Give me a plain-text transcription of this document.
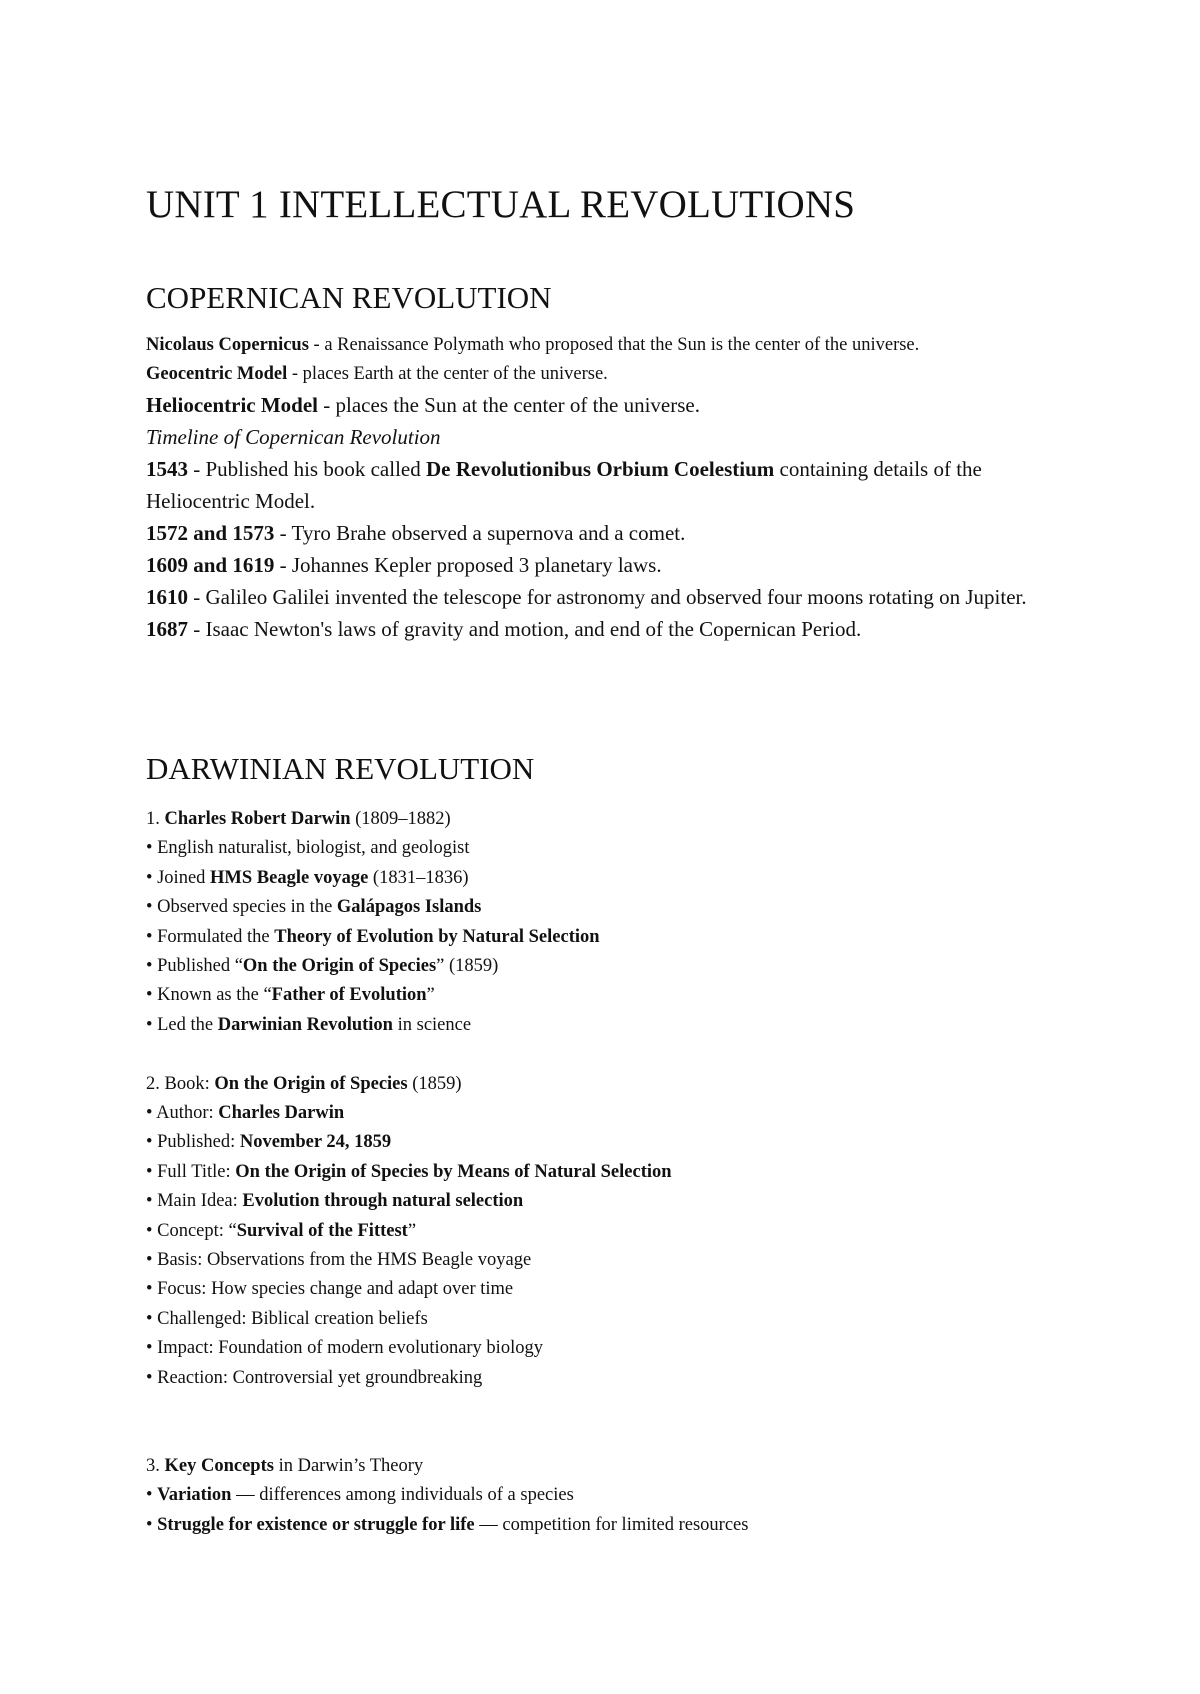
UNIT 1 INTELLECTUAL REVOLUTIONS
COPERNICAN REVOLUTION

Nicolaus Copernicus - a Renaissance Polymath who proposed that the Sun is the center of the universe.

Geocentric Model - places Earth at the center of the universe.

Heliocentric Model - places the Sun at the center of the universe.

Timeline of Copernican Revolution

1543 - Published his book called De Revolutionibus Orbium Coelestium containing details of the Heliocentric Model.

1572 and 1573 - Tyro Brahe observed a supernova and a comet.

1609 and 1619 - Johannes Kepler proposed 3 planetary laws.

1610 - Galileo Galilei invented the telescope for astronomy and observed four moons rotating on Jupiter.

1687 - Isaac Newton's laws of gravity and motion, and end of the Copernican Period.

DARWINIAN REVOLUTION

1. Charles Robert Darwin (1809–1882)

• English naturalist, biologist, and geologist

• Joined HMS Beagle voyage (1831–1836)

• Observed species in the Galápagos Islands

• Formulated the Theory of Evolution by Natural Selection

• Published “On the Origin of Species” (1859)

• Known as the “Father of Evolution”

• Led the Darwinian Revolution in science

2. Book: On the Origin of Species (1859)

• Author: Charles Darwin

• Published: November 24, 1859

• Full Title: On the Origin of Species by Means of Natural Selection

• Main Idea: Evolution through natural selection

• Concept: “Survival of the Fittest”

• Basis: Observations from the HMS Beagle voyage

• Focus: How species change and adapt over time

• Challenged: Biblical creation beliefs

• Impact: Foundation of modern evolutionary biology

• Reaction: Controversial yet groundbreaking

3. Key Concepts in Darwin’s Theory

• Variation — differences among individuals of a species

• Struggle for existence or struggle for life — competition for limited resources
